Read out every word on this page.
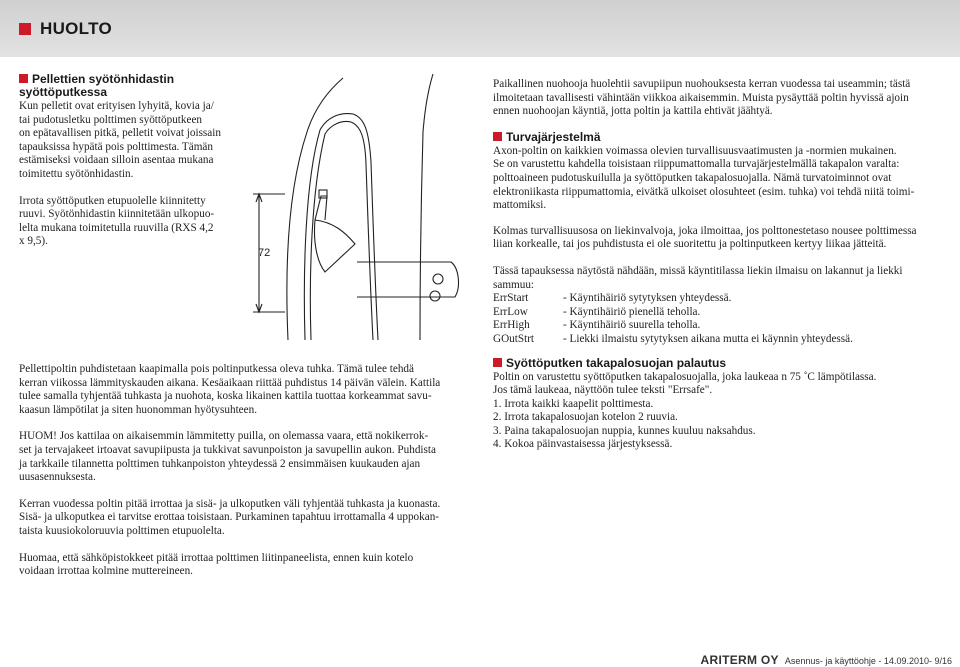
HUOLTO
Pellettien syötönhidastin syöttöputkessa
Kun pelletit ovat erityisen lyhyitä, kovia ja/
tai pudotusletku polttimen syöttöputkeen
on epätavallisen pitkä, pelletit voivat joissain
tapauksissa hypätä pois polttimesta. Tämän
estämiseksi voidaan silloin asentaa mukana
toimitettu syötönhidastin.
Irrota syöttöputken etupuolelle kiinnitetty
ruuvi. Syötönhidastin kiinnitetään ulkopuo-
lelta mukana toimitetulla ruuvilla (RXS 4,2
x 9,5).
72
Pellettipoltin puhdistetaan kaapimalla pois poltinputkessa oleva tuhka. Tämä tulee tehdä
kerran viikossa lämmityskauden aikana. Kesäaikaan riittää puhdistus 14 päivän välein. Kattila
tulee samalla tyhjentää tuhkasta ja nuohota, koska likainen kattila tuottaa korkeammat savu-
kaasun lämpötilat ja siten huonomman hyötysuhteen.
HUOM! Jos kattilaa on aikaisemmin lämmitetty puilla, on olemassa vaara, että nokikerrok-
set ja tervajakeet irtoavat savupiipusta ja tukkivat savunpoiston ja savupellin aukon. Puhdista
ja tarkkaile tilannetta polttimen tuhkanpoiston yhteydessä 2 ensimmäisen kuukauden ajan
uusasennuksesta.
Kerran vuodessa poltin pitää irrottaa ja sisä- ja ulkoputken väli tyhjentää tuhkasta ja kuonasta.
Sisä- ja ulkoputkea ei tarvitse erottaa toisistaan. Purkaminen tapahtuu irrottamalla 4 uppokan-
taista kuusiokoloruuvia polttimen etupuolelta.
Huomaa, että sähköpistokkeet pitää irrottaa polttimen liitinpaneelista, ennen kuin kotelo
voidaan irrottaa kolmine muttereineen.
Paikallinen nuohooja huolehtii savupiipun nuohouksesta kerran vuodessa tai useammin; tästä
ilmoitetaan tavallisesti vähintään viikkoa aikaisemmin. Muista pysäyttää poltin hyvissä ajoin
ennen nuohoojan käyntiä, jotta poltin ja kattila ehtivät jäähtyä.
Turvajärjestelmä
Axon-poltin on kaikkien voimassa olevien turvallisuusvaatimusten ja -normien mukainen.
Se on varustettu kahdella toisistaan riippumattomalla turvajärjestelmällä takapalon varalta:
polttoaineen pudotuskuilulla ja syöttöputken takapalosuojalla. Nämä turvatoiminnot ovat
elektroniikasta riippumattomia, eivätkä ulkoiset olosuhteet (esim. tuhka) voi tehdä niitä toimi-
mattomiksi.
Kolmas turvallisuusosa on liekinvalvoja, joka ilmoittaa, jos polttonestetaso nousee polttimessa
liian korkealle, tai jos puhdistusta ei ole suoritettu ja poltinputkeen kertyy liikaa jätteitä.
Tässä tapauksessa näytöstä nähdään, missä käyntitilassa liekin ilmaisu on lakannut ja liekki
sammuu:
ErrStart	- Käyntihäiriö sytytyksen yhteydessä.
ErrLow	- Käyntihäiriö pienellä teholla.
ErrHigh	- Käyntihäiriö suurella teholla.
GOutStrt	- Liekki ilmaistu sytytyksen aikana mutta ei käynnin yhteydessä.
Syöttöputken takapalosuojan palautus
Poltin on varustettu syöttöputken takapalosuojalla, joka laukeaa n 75 ˚C lämpötilassa.
Jos tämä laukeaa, näyttöön tulee teksti "Errsafe".
1. Irrota kaikki kaapelit polttimesta.
2. Irrota takapalosuojan kotelon 2 ruuvia.
3. Paina takapalosuojan nuppia, kunnes kuuluu naksahdus.
4. Kokoa päinvastaisessa järjestyksessä.
ARITERM OY Asennus- ja käyttöohje - 14.09.2010- 9/16
